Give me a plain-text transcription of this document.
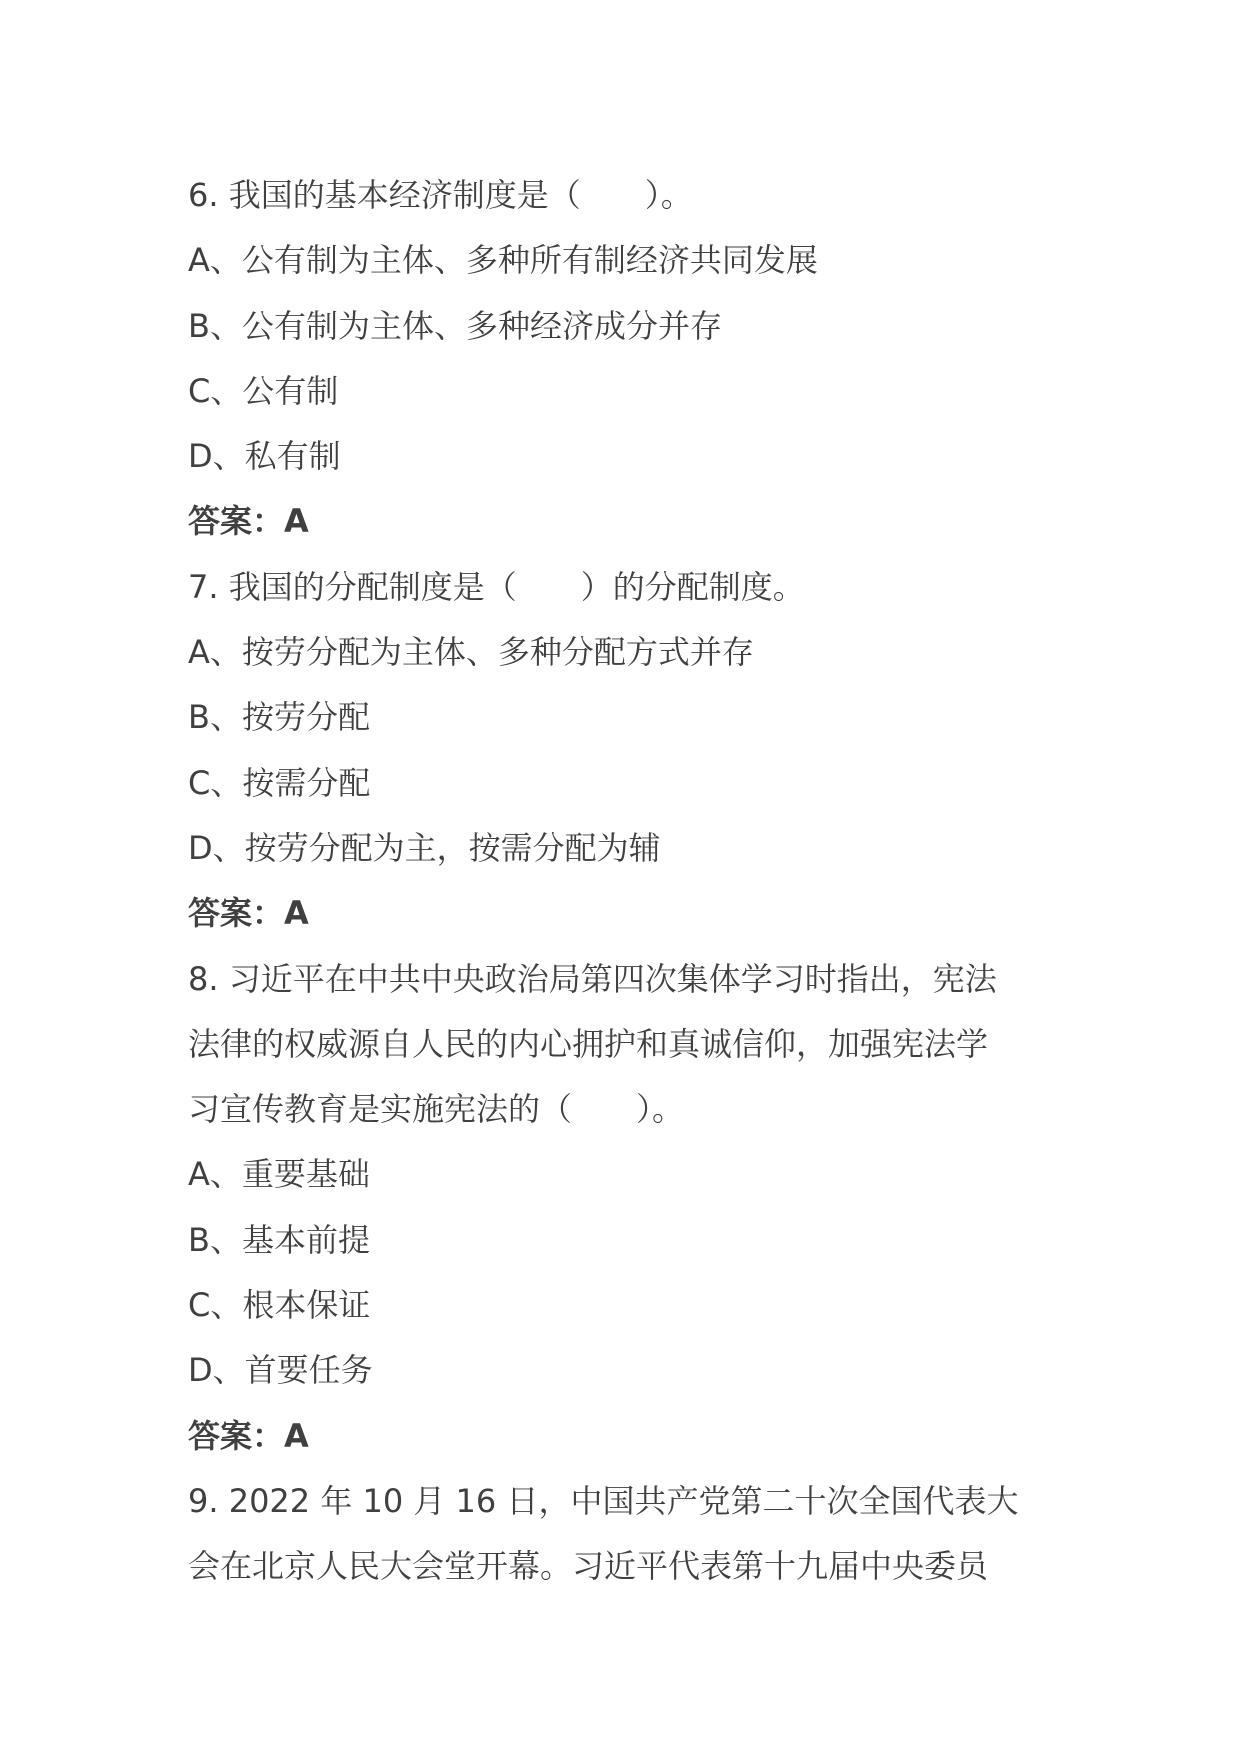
6. 我国的基本经济制度是（　　）。
A、公有制为主体、多种所有制经济共同发展
B、公有制为主体、多种经济成分并存
C、公有制
D、私有制
答案：A
7. 我国的分配制度是（　　）的分配制度。
A、按劳分配为主体、多种分配方式并存
B、按劳分配
C、按需分配
D、按劳分配为主，按需分配为辅
答案：A
8. 习近平在中共中央政治局第四次集体学习时指出，宪法
法律的权威源自人民的内心拥护和真诚信仰，加强宪法学
习宣传教育是实施宪法的（　　）。
A、重要基础
B、基本前提
C、根本保证
D、首要任务
答案：A
9. 2022 年 10 月 16 日，中国共产党第二十次全国代表大
会在北京人民大会堂开幕。习近平代表第十九届中央委员
